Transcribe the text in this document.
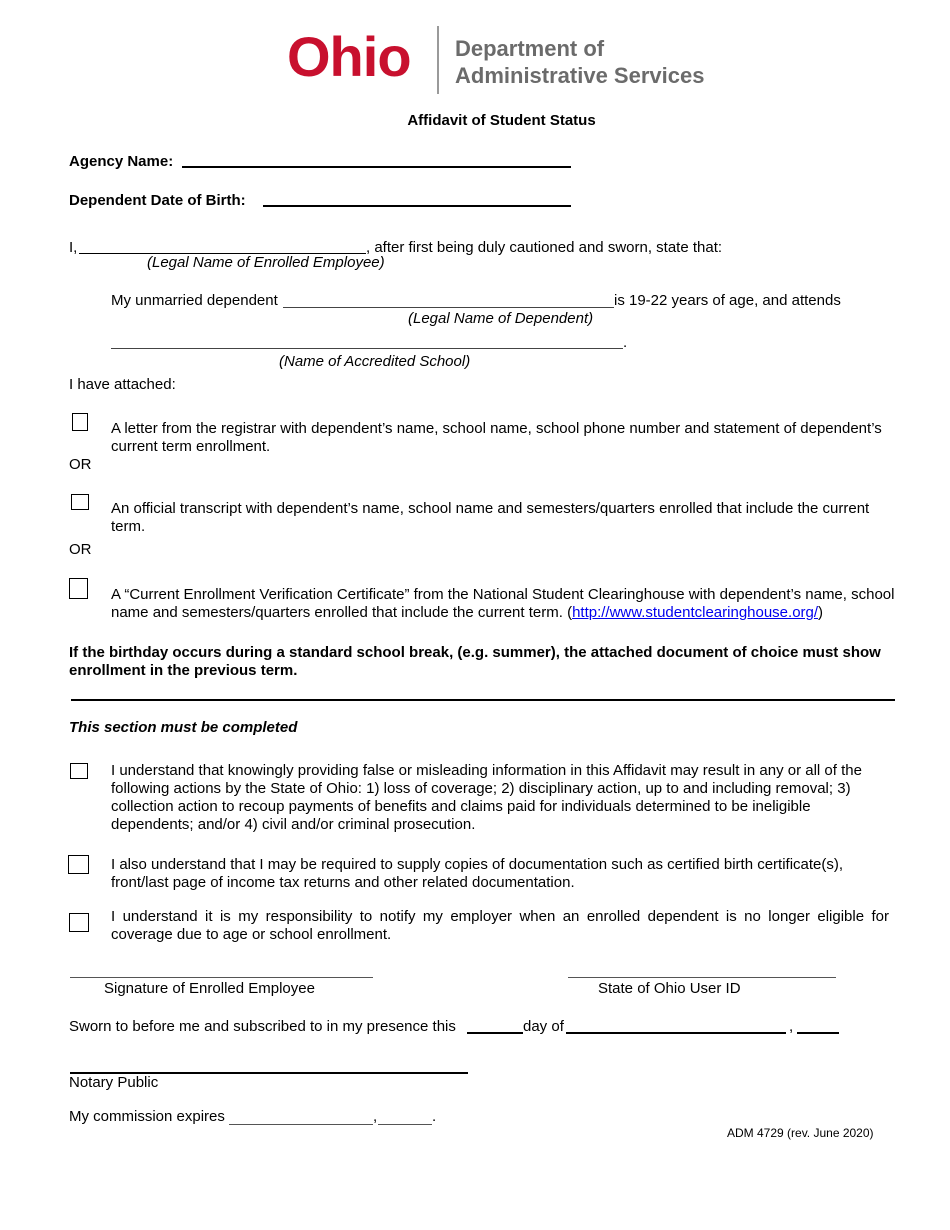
Ohio Department of
Administrative Services
Affidavit of Student Status
Agency Name:
Dependent Date of Birth:
I,	, after first being duly cautioned and sworn, state that:
(Legal Name of Enrolled Employee)
My unmarried dependent	is 19-22 years of age, and attends
(Legal Name of Dependent)
.
(Name of Accredited School)
I have attached:
A letter from the registrar with dependent’s name, school name, school phone number and statement of dependent’s current term enrollment.
OR
An official transcript with dependent’s name, school name and semesters/quarters enrolled that include the current term.
OR
A “Current Enrollment Verification Certificate” from the National Student Clearinghouse with dependent’s name, school name and semesters/quarters enrolled that include the current term. (http://www.studentclearinghouse.org/)
If the birthday occurs during a standard school break, (e.g. summer), the attached document of choice must show enrollment in the previous term.
This section must be completed
I understand that knowingly providing false or misleading information in this Affidavit may result in any or all of the following actions by the State of Ohio: 1) loss of coverage; 2) disciplinary action, up to and including removal; 3) collection action to recoup payments of benefits and claims paid for individuals determined to be ineligible dependents; and/or 4) civil and/or criminal prosecution.
I also understand that I may be required to supply copies of documentation such as certified birth certificate(s), front/last page of income tax returns and other related documentation.
I understand it is my responsibility to notify my employer when an enrolled dependent is no longer eligible for coverage due to age or school enrollment.
Signature of Enrolled Employee	State of Ohio User ID
Sworn to before me and subscribed to in my presence this	day of	,
Notary Public
My commission expires	,	.
ADM 4729 (rev. June 2020)
